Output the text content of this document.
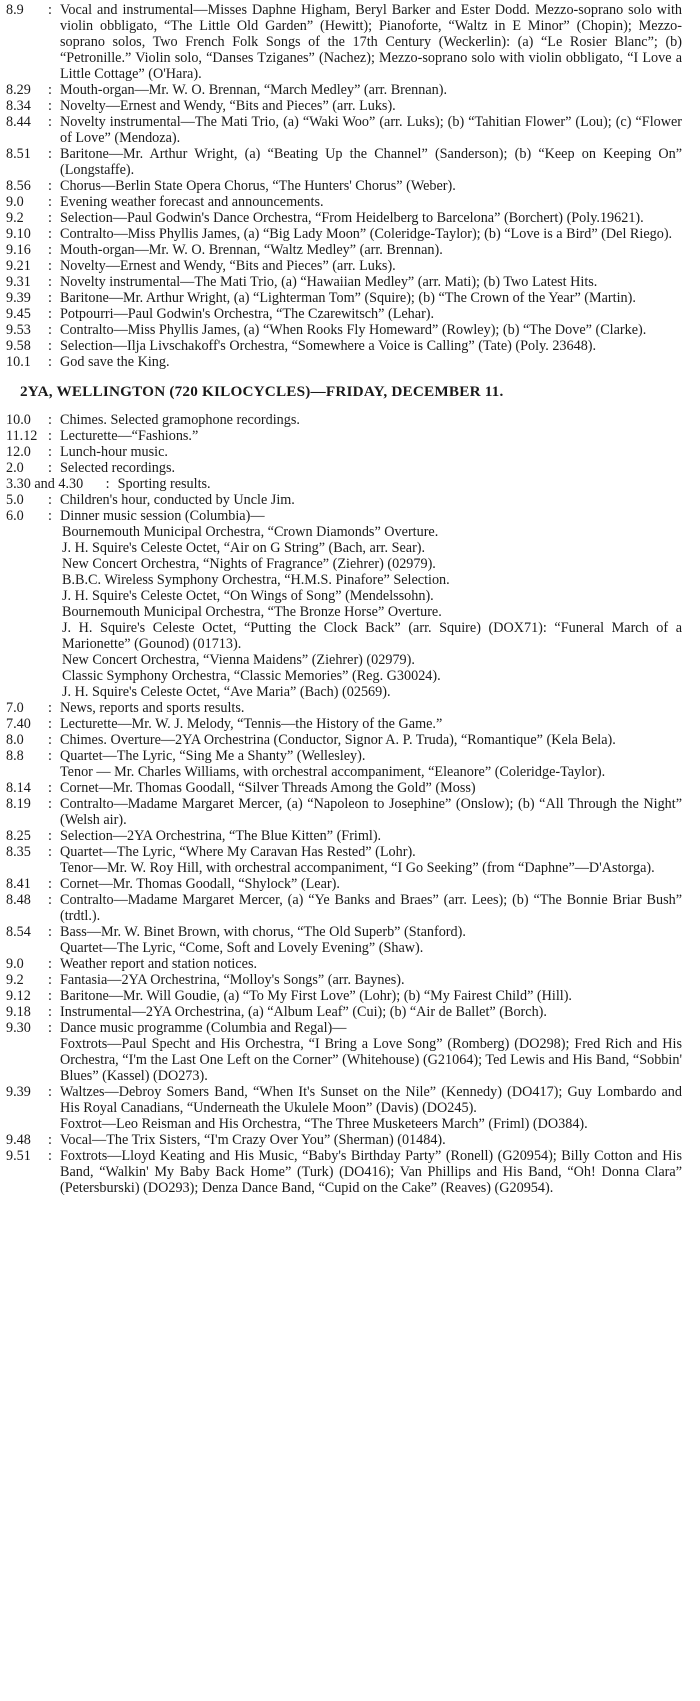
8.9	Vocal and instrumental—Misses Daphne Higham, Beryl Barker and Ester Dodd. Mezzo-soprano solo with violin obbligato, “The Little Old Garden” (Hewitt); Pianoforte, “Waltz in E Minor” (Chopin); Mezzo-soprano solos, Two French Folk Songs of the 17th Century (Weckerlin): (a) “Le Rosier Blanc”; (b) “Petronille.” Violin solo, “Danses Tziganes” (Nachez); Mezzo-soprano solo with violin obbligato, “I Love a Little Cottage” (O'Hara).
:
8.29 Mouth-organ—Mr. W. O. Brennan, “March Medley” (arr. Brennan).
:
8.34 Novelty—Ernest and Wendy, “Bits and Pieces” (arr. Luks).
:
8.44 Novelty instrumental—The Mati Trio, (a) “Waki Woo” (arr. Luks); (b) “Tahitian Flower” (Lou); (c) “Flower of Love” (Mendoza).
:
8.51 Baritone—Mr. Arthur Wright, (a) “Beating Up the Channel” (Sanderson); (b) “Keep on Keeping On” (Longstaffe).
:
8.56 Chorus—Berlin State Opera Chorus, “The Hunters' Chorus” (Weber).
:
9.0	Evening weather forecast and announcements.
:
9.2	Selection—Paul Godwin's Dance Orchestra, “From Heidelberg to Barcelona” (Borchert) (Poly.19621).
:
9.10 Contralto—Miss Phyllis James, (a) “Big Lady Moon” (Coleridge-Taylor); (b) “Love is a Bird” (Del Riego).
:
9.16 Mouth-organ—Mr. W. O. Brennan, “Waltz Medley” (arr. Brennan).
:
9.21 Novelty—Ernest and Wendy, “Bits and Pieces” (arr. Luks).
:
9.31 Novelty instrumental—The Mati Trio, (a) “Hawaiian Medley” (arr. Mati); (b) Two Latest Hits.
:
9.39 Baritone—Mr. Arthur Wright, (a) “Lighterman Tom” (Squire); (b) “The Crown of the Year” (Martin).
:
9.45 Potpourri—Paul Godwin's Orchestra, “The Czarewitsch” (Lehar).
:
9.53 Contralto—Miss Phyllis James, (a) “When Rooks Fly Homeward” (Rowley); (b) “The Dove” (Clarke).
:
9.58 Selection—Ilja Livschakoff's Orchestra, “Somewhere a Voice is Calling” (Tate) (Poly. 23648).
:
10.1 God save the King.
:
2YA, WELLINGTON (720 KILOCYCLES)—FRIDAY, DECEMBER 11.
10.0 Chimes. Selected gramophone recordings.
:
11.12 Lecturette—“Fashions.”
:
12.0 Lunch-hour music.
:
2.0	Selected recordings.
:
3.30 and 4.30 Sporting results.
:
5.0	Children's hour, conducted by Uncle Jim.
:
6.0	Dinner music session (Columbia)—
:
Bournemouth Municipal Orchestra, “Crown Diamonds” Overture.
J. H. Squire's Celeste Octet, “Air on G String” (Bach, arr. Sear).
New Concert Orchestra, “Nights of Fragrance” (Ziehrer) (02979).
B.B.C. Wireless Symphony Orchestra, “H.M.S. Pinafore” Selection.
J. H. Squire's Celeste Octet, “On Wings of Song” (Mendelssohn).
Bournemouth Municipal Orchestra, “The Bronze Horse” Overture.
J. H. Squire's Celeste Octet, “Putting the Clock Back” (arr. Squire) (DOX71): “Funeral March of a Marionette” (Gounod) (01713).
New Concert Orchestra, “Vienna Maidens” (Ziehrer) (02979).
Classic Symphony Orchestra, “Classic Memories” (Reg. G30024).
J. H. Squire's Celeste Octet, “Ave Maria” (Bach) (02569).
7.0	News, reports and sports results.
:
7.40 Lecturette—Mr. W. J. Melody, “Tennis—the History of the Game.”
:
8.0	Chimes. Overture—2YA Orchestrina (Conductor, Signor A. P. Truda), “Romantique” (Kela Bela).
:
8.8	Quartet—The Lyric, “Sing Me a Shanty” (Wellesley).
:
Tenor — Mr. Charles Williams, with orchestral accompaniment, “Eleanore” (Coleridge-Taylor).
8.14 Cornet—Mr. Thomas Goodall, “Silver Threads Among the Gold” (Moss)
:
8.19 Contralto—Madame Margaret Mercer, (a) “Napoleon to Josephine” (Onslow); (b) “All Through the Night” (Welsh air).
:
8.25 Selection—2YA Orchestrina, “The Blue Kitten” (Friml).
:
8.35 Quartet—The Lyric, “Where My Caravan Has Rested” (Lohr).
:
Tenor—Mr. W. Roy Hill, with orchestral accompaniment, “I Go Seeking” (from “Daphne”—D'Astorga).
8.41 Cornet—Mr. Thomas Goodall, “Shylock” (Lear).
:
8.48 Contralto—Madame Margaret Mercer, (a) “Ye Banks and Braes” (arr. Lees); (b) “The Bonnie Briar Bush” (trdtl.).
:
8.54 Bass—Mr. W. Binet Brown, with chorus, “The Old Superb” (Stanford).
:
Quartet—The Lyric, “Come, Soft and Lovely Evening” (Shaw).
9.0	Weather report and station notices.
:
9.2	Fantasia—2YA Orchestrina, “Molloy's Songs” (arr. Baynes).
:
9.12 Baritone—Mr. Will Goudie, (a) “To My First Love” (Lohr); (b) “My Fairest Child” (Hill).
:
9.18 Instrumental—2YA Orchestrina, (a) “Album Leaf” (Cui); (b) “Air de Ballet” (Borch).
:
9.30 Dance music programme (Columbia and Regal)—
:
Foxtrots—Paul Specht and His Orchestra, “I Bring a Love Song” (Romberg) (DO298); Fred Rich and His Orchestra, “I'm the Last One Left on the Corner” (Whitehouse) (G21064); Ted Lewis and His Band, “Sobbin' Blues” (Kassel) (DO273).
9.39 Waltzes—Debroy Somers Band, “When It's Sunset on the Nile” (Kennedy) (DO417); Guy Lombardo and His Royal Canadians, “Underneath the Ukulele Moon” (Davis) (DO245).
:
Foxtrot—Leo Reisman and His Orchestra, “The Three Musketeers March” (Friml) (DO384).
9.48 Vocal—The Trix Sisters, “I'm Crazy Over You” (Sherman) (01484).
:
9.51 Foxtrots—Lloyd Keating and His Music, “Baby's Birthday Party” (Ronell) (G20954); Billy Cotton and His Band, “Walkin' My Baby Back Home” (Turk) (DO416); Van Phillips and His Band, “Oh! Donna Clara” (Petersburski) (DO293); Denza Dance Band, “Cupid on the Cake” (Reaves) (G20954).
:
